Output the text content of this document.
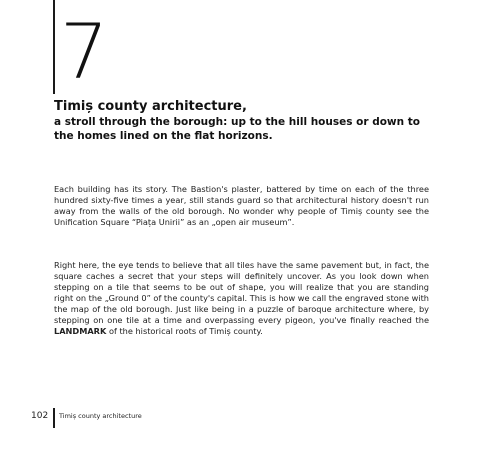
7
Timiș county architecture,
a stroll through the borough: up to the hill houses or down to the homes lined on the flat horizons.

Each building has its story. The Bastion's plaster, battered by time on each of the three hundred sixty-five times a year, still stands guard so that architectural history doesn't run away from the walls of the old borough. No wonder why people of Timiș county see the Unification Square “Piața Unirii” as an „open air museum”.

Right here, the eye tends to believe that all tiles have the same pavement but, in fact, the square caches a secret that your steps will definitely uncover. As you look down when stepping on a tile that seems to be out of shape, you will realize that you are standing right on the „Ground 0” of the county's capital. This is how we call the engraved stone with the map of the old borough. Just like being in a puzzle of baroque architecture where, by stepping on one tile at a time and overpassing every pigeon, you've finally reached the LANDMARK of the historical roots of Timiș county.

102 Timiș county architecture
